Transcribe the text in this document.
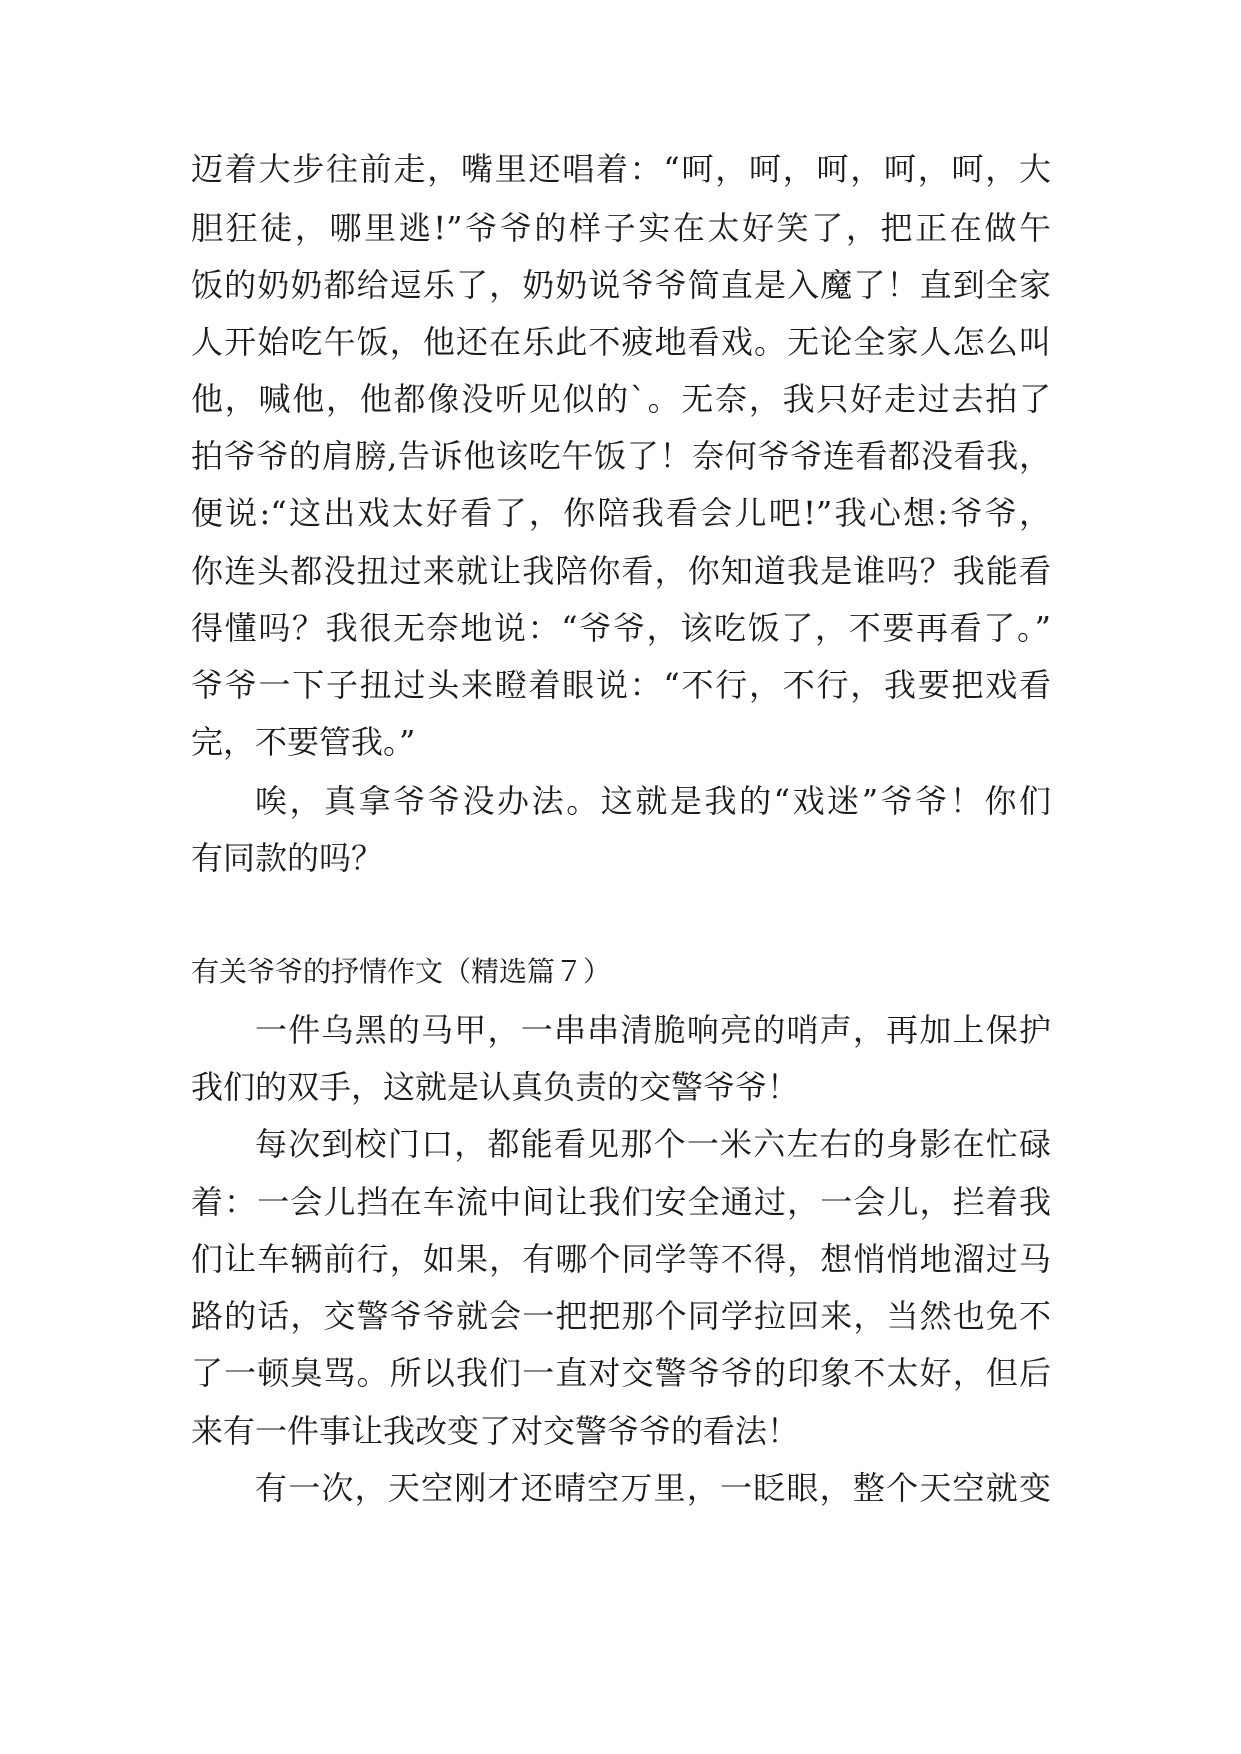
迈着大步往前走，嘴里还唱着：“呵，呵，呵，呵，呵，大
胆狂徒，哪里逃!”爷爷的样子实在太好笑了，把正在做午
饭的奶奶都给逗乐了，奶奶说爷爷简直是入魔了！直到全家
人开始吃午饭，他还在乐此不疲地看戏。无论全家人怎么叫
他，喊他，他都像没听见似的`。无奈，我只好走过去拍了
拍爷爷的肩膀,告诉他该吃午饭了！奈何爷爷连看都没看我，
便说:“这出戏太好看了，你陪我看会儿吧!”我心想:爷爷，
你连头都没扭过来就让我陪你看，你知道我是谁吗？我能看
得懂吗？我很无奈地说：“爷爷，该吃饭了，不要再看了。”
爷爷一下子扭过头来瞪着眼说：“不行，不行，我要把戏看
完，不要管我。”
唉，真拿爷爷没办法。这就是我的“戏迷”爷爷！你们
有同款的吗？
有关爷爷的抒情作文（精选篇７）
一件乌黑的马甲，一串串清脆响亮的哨声，再加上保护
我们的双手，这就是认真负责的交警爷爷！
每次到校门口，都能看见那个一米六左右的身影在忙碌
着：一会儿挡在车流中间让我们安全通过，一会儿，拦着我
们让车辆前行，如果，有哪个同学等不得，想悄悄地溜过马
路的话，交警爷爷就会一把把那个同学拉回来，当然也免不
了一顿臭骂。所以我们一直对交警爷爷的印象不太好，但后
来有一件事让我改变了对交警爷爷的看法！
有一次，天空刚才还晴空万里，一眨眼，整个天空就变
